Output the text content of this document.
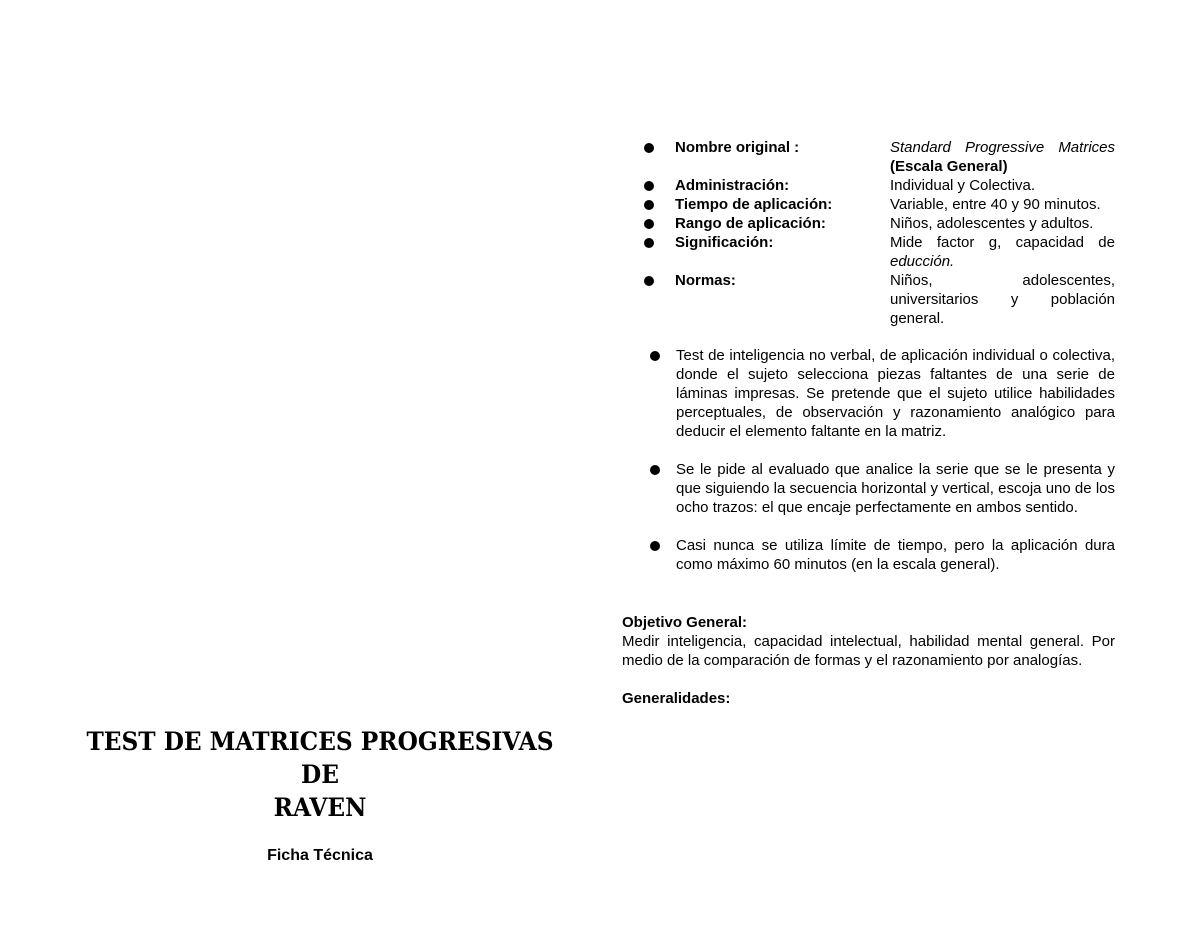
TEST DE MATRICES PROGRESIVAS DE
RAVEN
Ficha Técnica
Nombre original :	Standard Progressive Matrices (Escala General)
Administración:	Individual y Colectiva.
Tiempo de aplicación:	Variable, entre 40 y 90 minutos.
Rango de aplicación:	Niños, adolescentes y adultos.
Significación:	Mide factor g, capacidad de educción.
Normas:	Niños, adolescentes, universitarios y población general.
Test de inteligencia no verbal, de aplicación individual o colectiva, donde el sujeto selecciona piezas faltantes de una serie de láminas impresas. Se pretende que el sujeto utilice habilidades perceptuales, de observación y razonamiento analógico para deducir el elemento faltante en la matriz.
Se le pide al evaluado que analice la serie que se le presenta y que siguiendo la secuencia horizontal y vertical, escoja uno de los ocho trazos: el que encaje perfectamente en ambos sentido.
Casi nunca se utiliza límite de tiempo, pero la aplicación dura como máximo 60 minutos (en la escala general).
Objetivo General:
Medir inteligencia, capacidad intelectual, habilidad mental general. Por medio de la comparación de formas y el razonamiento por analogías.
Generalidades:
